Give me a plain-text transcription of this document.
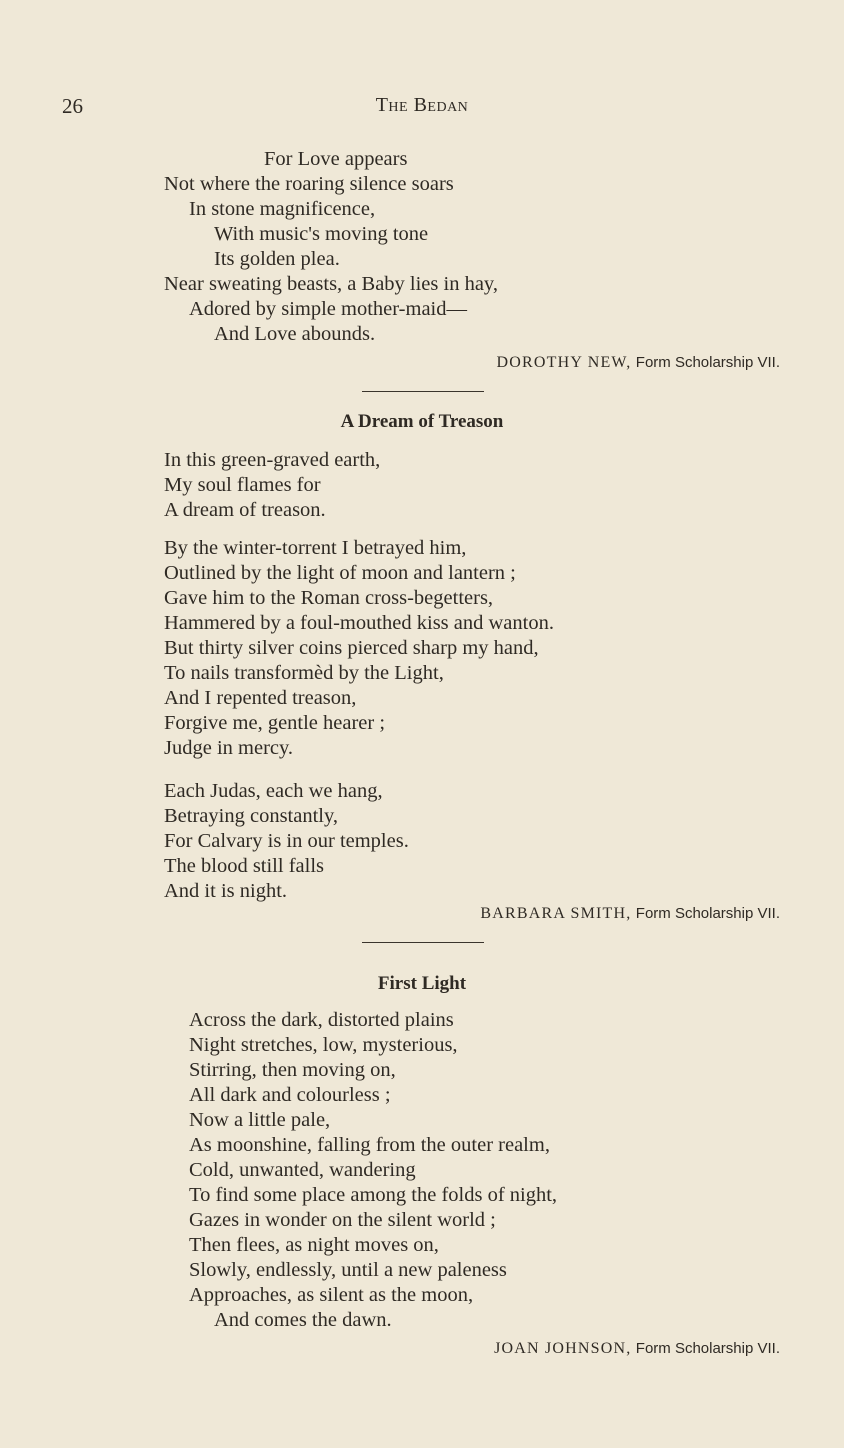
26	The Bedan
For Love appears
Not where the roaring silence soars
In stone magnificence,
With music's moving tone
Its golden plea.
Near sweating beasts, a Baby lies in hay,
Adored by simple mother-maid—
And Love abounds.
DOROTHY NEW, Form Scholarship VII.
A Dream of Treason
In this green-graved earth,
My soul flames for
A dream of treason.
By the winter-torrent I betrayed him,
Outlined by the light of moon and lantern ;
Gave him to the Roman cross-begetters,
Hammered by a foul-mouthed kiss and wanton.
But thirty silver coins pierced sharp my hand,
To nails transformèd by the Light,
And I repented treason,
Forgive me, gentle hearer ;
Judge in mercy.
Each Judas, each we hang,
Betraying constantly,
For Calvary is in our temples.
The blood still falls
And it is night.
BARBARA SMITH, Form Scholarship VII.
First Light
Across the dark, distorted plains
Night stretches, low, mysterious,
Stirring, then moving on,
All dark and colourless ;
Now a little pale,
As moonshine, falling from the outer realm,
Cold, unwanted, wandering
To find some place among the folds of night,
Gazes in wonder on the silent world ;
Then flees, as night moves on,
Slowly, endlessly, until a new paleness
Approaches, as silent as the moon,
And comes the dawn.
JOAN JOHNSON, Form Scholarship VII.
